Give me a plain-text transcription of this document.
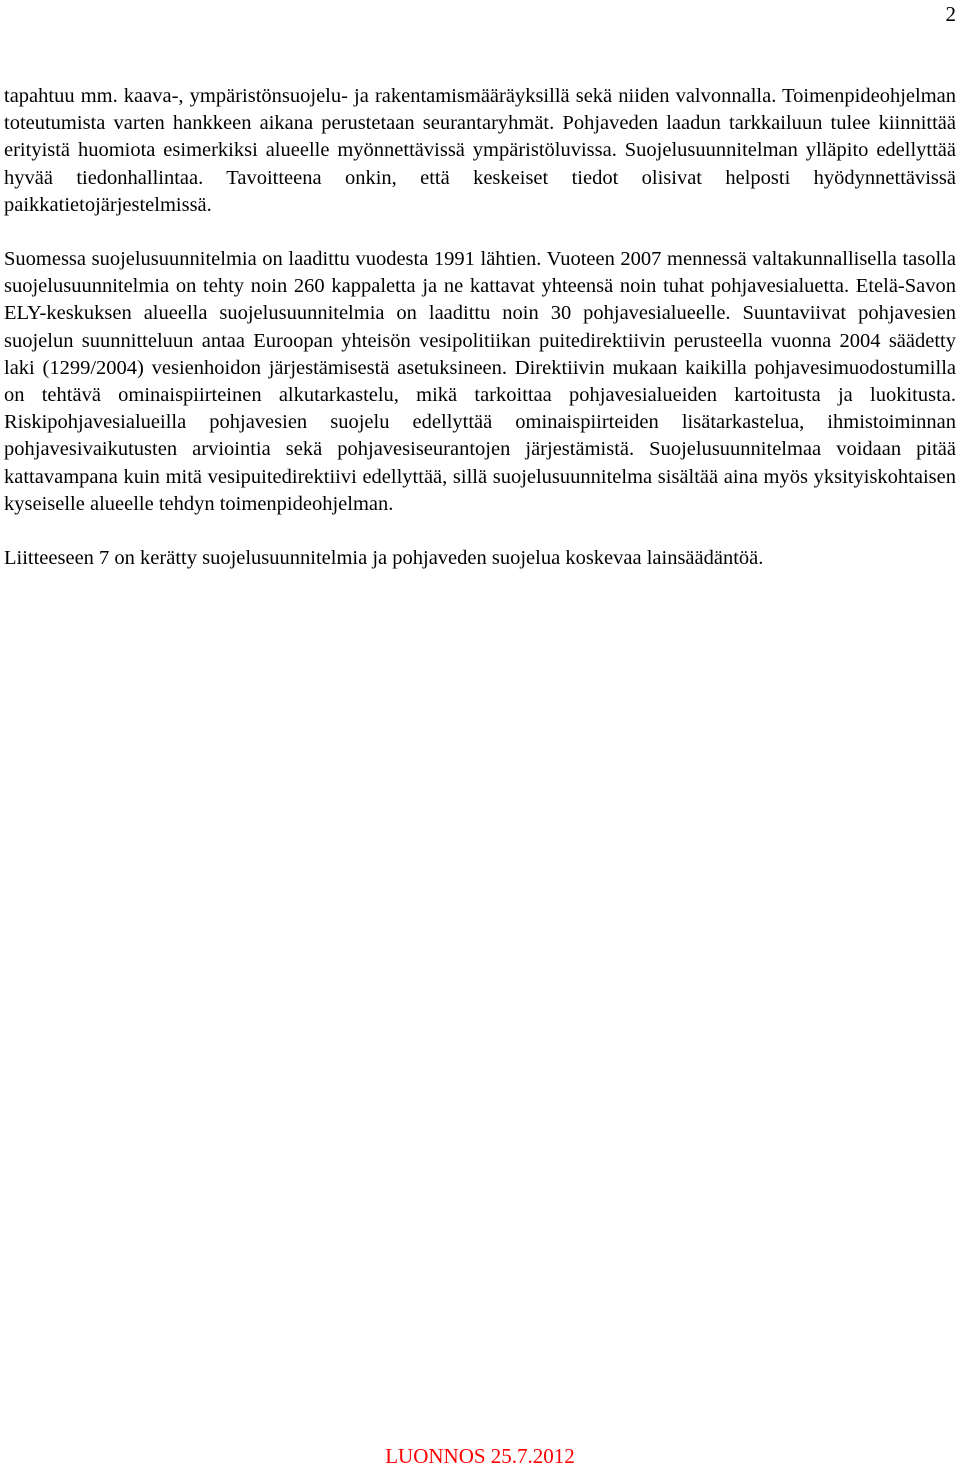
2

tapahtuu mm. kaava-, ympäristönsuojelu- ja rakentamismääräyksillä sekä niiden valvonnalla. Toimenpideohjelman toteutumista varten hankkeen aikana perustetaan seurantaryhmät. Pohjaveden laadun tarkkailuun tulee kiinnittää erityistä huomiota esimerkiksi alueelle myönnettävissä ympäristöluvissa. Suojelusuunnitelman ylläpito edellyttää hyvää tiedonhallintaa. Tavoitteena onkin, että keskeiset tiedot olisivat helposti hyödynnettävissä paikkatietojärjestelmissä.

Suomessa suojelusuunnitelmia on laadittu vuodesta 1991 lähtien. Vuoteen 2007 mennessä valtakunnallisella tasolla suojelusuunnitelmia on tehty noin 260 kappaletta ja ne kattavat yhteensä noin tuhat pohjavesialuetta. Etelä-Savon ELY-keskuksen alueella suojelusuunnitelmia on laadittu noin 30 pohjavesialueelle. Suuntaviivat pohjavesien suojelun suunnitteluun antaa Euroopan yhteisön vesipolitiikan puitedirektiivin perusteella vuonna 2004 säädetty laki (1299/2004) vesienhoidon järjestämisestä asetuksineen. Direktiivin mukaan kaikilla pohjavesimuodostumilla on tehtävä ominaispiirteinen alkutarkastelu, mikä tarkoittaa pohjavesialueiden kartoitusta ja luokitusta. Riskipohjavesialueilla pohjavesien suojelu edellyttää ominaispiirteiden lisätarkastelua, ihmistoiminnan pohjavesivaikutusten arviointia sekä pohjavesiseurantojen järjestämistä. Suojelusuunnitelmaa voidaan pitää kattavampana kuin mitä vesipuitedirektiivi edellyttää, sillä suojelusuunnitelma sisältää aina myös yksityiskohtaisen kyseiselle alueelle tehdyn toimenpideohjelman.

Liitteeseen 7 on kerätty suojelusuunnitelmia ja pohjaveden suojelua koskevaa lainsäädäntöä.

LUONNOS 25.7.2012
